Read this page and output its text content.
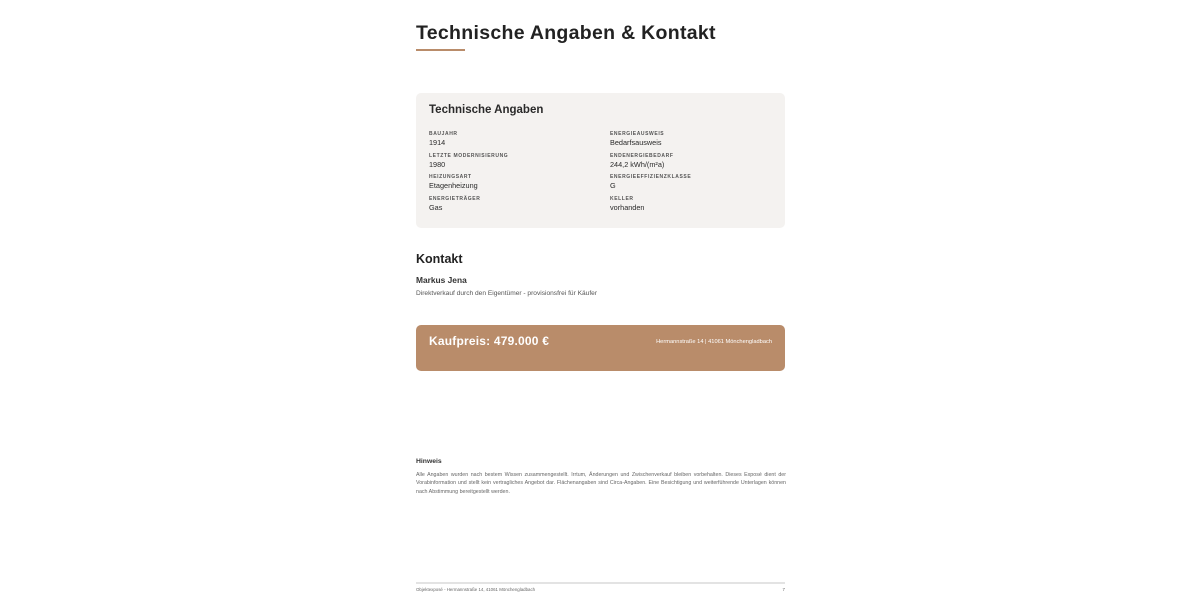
Technische Angaben & Kontakt
Technische Angaben
BAUJAHR
1914
LETZTE MODERNISIERUNG
1980
HEIZUNGSART
Etagenheizung
ENERGIETRÄGER
Gas
ENERGIEAUSWEIS
Bedarfsausweis
ENDENERGIEBEDARF
244,2 kWh/(m²a)
ENERGIEEFFIZIENZKLASSE
G
KELLER
vorhanden
Kontakt
Markus Jena
Direktverkauf durch den Eigentümer - provisionsfrei für Käufer
Kaufpreis: 479.000 €	Hermannstraße 14 | 41061 Mönchengladbach
Hinweis

Alle Angaben wurden nach bestem Wissen zusammengestellt. Irrtum, Änderungen und Zwischenverkauf bleiben vorbehalten. Dieses Exposé dient der Vorabinformation und stellt kein vertragliches Angebot dar. Flächenangaben sind Circa-Angaben. Eine Besichtigung und weiterführende Unterlagen können nach Abstimmung bereitgestellt werden.

Objektexposé - Hermannstraße 14, 41061 Mönchengladbach	7
